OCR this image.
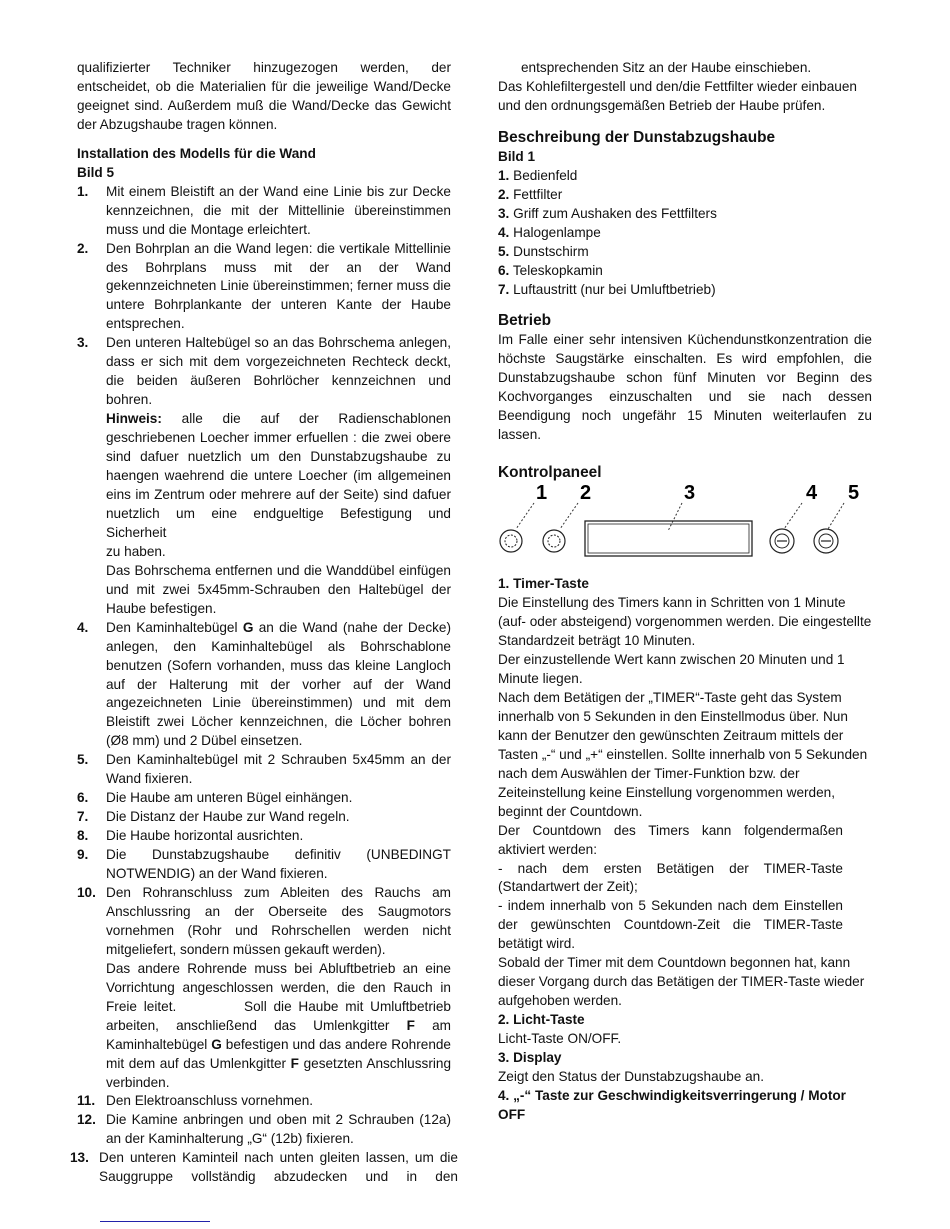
qualifizierter Techniker hinzugezogen werden, der

entscheidet, ob die Materialien für die jeweilige Wand/Decke

geeignet sind. Außerdem muß die Wand/Decke das Gewicht

der Abzugshaube tragen können.

Installation des Modells für die Wand

Bild 5

1.	Mit einem Bleistift an der Wand eine Linie bis zur Decke

kennzeichnen, die mit der Mittellinie übereinstimmen

muss und die Montage erleichtert.

2.	Den Bohrplan an die Wand legen: die vertikale Mittellinie

des Bohrplans muss mit der an der Wand

gekennzeichneten Linie übereinstimmen; ferner muss die

untere Bohrplankante der unteren Kante der Haube

entsprechen.

3.	Den unteren Haltebügel so an das Bohrschema anlegen,

dass er sich mit dem vorgezeichneten Rechteck deckt,

die beiden äußeren Bohrlöcher kennzeichnen und

bohren.

Hinweis: alle die auf der Radienschablonen

geschriebenen Loecher immer erfuellen : die zwei obere

sind dafuer nuetzlich um den Dunstabzugshaube zu

haengen waehrend die untere Loecher (im allgemeinen

eins im Zentrum oder mehrere auf der Seite) sind dafuer

nuetzlich um eine endgueltige Befestigung und Sicherheit

zu haben.

Das Bohrschema entfernen und die Wanddübel einfügen

und mit zwei 5x45mm-Schrauben den Haltebügel der

Haube befestigen.

4.	Den Kaminhaltebügel G an die Wand (nahe der Decke)

anlegen, den Kaminhaltebügel als Bohrschablone

benutzen (Sofern vorhanden, muss das kleine Langloch

auf der Halterung mit der vorher auf der Wand

angezeichneten Linie übereinstimmen) und mit dem

Bleistift zwei Löcher kennzeichnen, die Löcher bohren

(Ø8 mm) und 2 Dübel einsetzen.

5.	Den Kaminhaltebügel mit 2 Schrauben 5x45mm an der

Wand fixieren.

6.	Die Haube am unteren Bügel einhängen.

7.	Die Distanz der Haube zur Wand regeln.

8.	Die Haube horizontal ausrichten.

9.	Die Dunstabzugshaube definitiv (UNBEDINGT

NOTWENDIG) an der Wand fixieren.

10. Den Rohranschluss zum Ableiten des Rauchs am

Anschlussring an der Oberseite des Saugmotors

vornehmen (Rohr und Rohrschellen werden nicht

mitgeliefert, sondern müssen gekauft werden).

Das andere Rohrende muss bei Abluftbetrieb an eine

Vorrichtung angeschlossen werden, die den Rauch in

Freie leitet.          Soll die Haube mit Umluftbetrieb

arbeiten, anschließend das Umlenkgitter F am

Kaminhaltebügel G befestigen und das andere Rohrende

mit dem auf das Umlenkgitter F gesetzten Anschlussring

verbinden.

11. Den Elektroanschluss vornehmen.

12. Die Kamine anbringen und oben mit 2 Schrauben (12a)

an der Kaminhalterung „G“ (12b) fixieren.

13. Den unteren Kaminteil nach unten gleiten lassen, um die

Sauggruppe vollständig abzudecken und in den

entsprechenden Sitz an der Haube einschieben.

Das Kohlefiltergestell und den/die Fettfilter wieder einbauen

und den ordnungsgemäßen Betrieb der Haube prüfen.

Beschreibung der Dunstabzugshaube

Bild 1

1. Bedienfeld

2. Fettfilter

3. Griff zum Aushaken des Fettfilters

4. Halogenlampe

5. Dunstschirm

6. Teleskopkamin

7. Luftaustritt (nur bei Umluftbetrieb)

Betrieb

Im Falle einer sehr intensiven Küchendunstkonzentration die

höchste Saugstärke einschalten. Es wird empfohlen, die

Dunstabzugshaube schon fünf Minuten vor Beginn des

Kochvorganges einzuschalten und sie nach dessen

Beendigung noch ungefähr 15 Minuten weiterlaufen zu

lassen.

Kontrolpaneel

1 2	3	4 5

1. Timer-Taste

Die Einstellung des Timers kann in Schritten von 1 Minute

(auf- oder absteigend) vorgenommen werden. Die eingestellte

Standardzeit beträgt 10 Minuten.

Der einzustellende Wert kann zwischen 20 Minuten und 1

Minute liegen.

Nach dem Betätigen der „TIMER“-Taste geht das System

innerhalb von 5 Sekunden in den Einstellmodus über. Nun

kann der Benutzer den gewünschten Zeitraum mittels der

Tasten „-“ und „+“ einstellen. Sollte innerhalb von 5 Sekunden

nach dem Auswählen der Timer-Funktion bzw. der

Zeiteinstellung keine Einstellung vorgenommen werden,

beginnt der Countdown.

Der Countdown des Timers kann folgendermaßen

aktiviert werden:

- nach dem ersten Betätigen der TIMER-Taste

(Standartwert der Zeit);

- indem innerhalb von 5 Sekunden nach dem Einstellen

der gewünschten Countdown-Zeit die TIMER-Taste

betätigt wird.

Sobald der Timer mit dem Countdown begonnen hat, kann

dieser Vorgang durch das Betätigen der TIMER-Taste wieder

aufgehoben werden.

2. Licht-Taste

Licht-Taste ON/OFF.

3. Display

Zeigt den Status der Dunstabzugshaube an.

4. „-“ Taste zur Geschwindigkeitsverringerung / Motor

OFF
